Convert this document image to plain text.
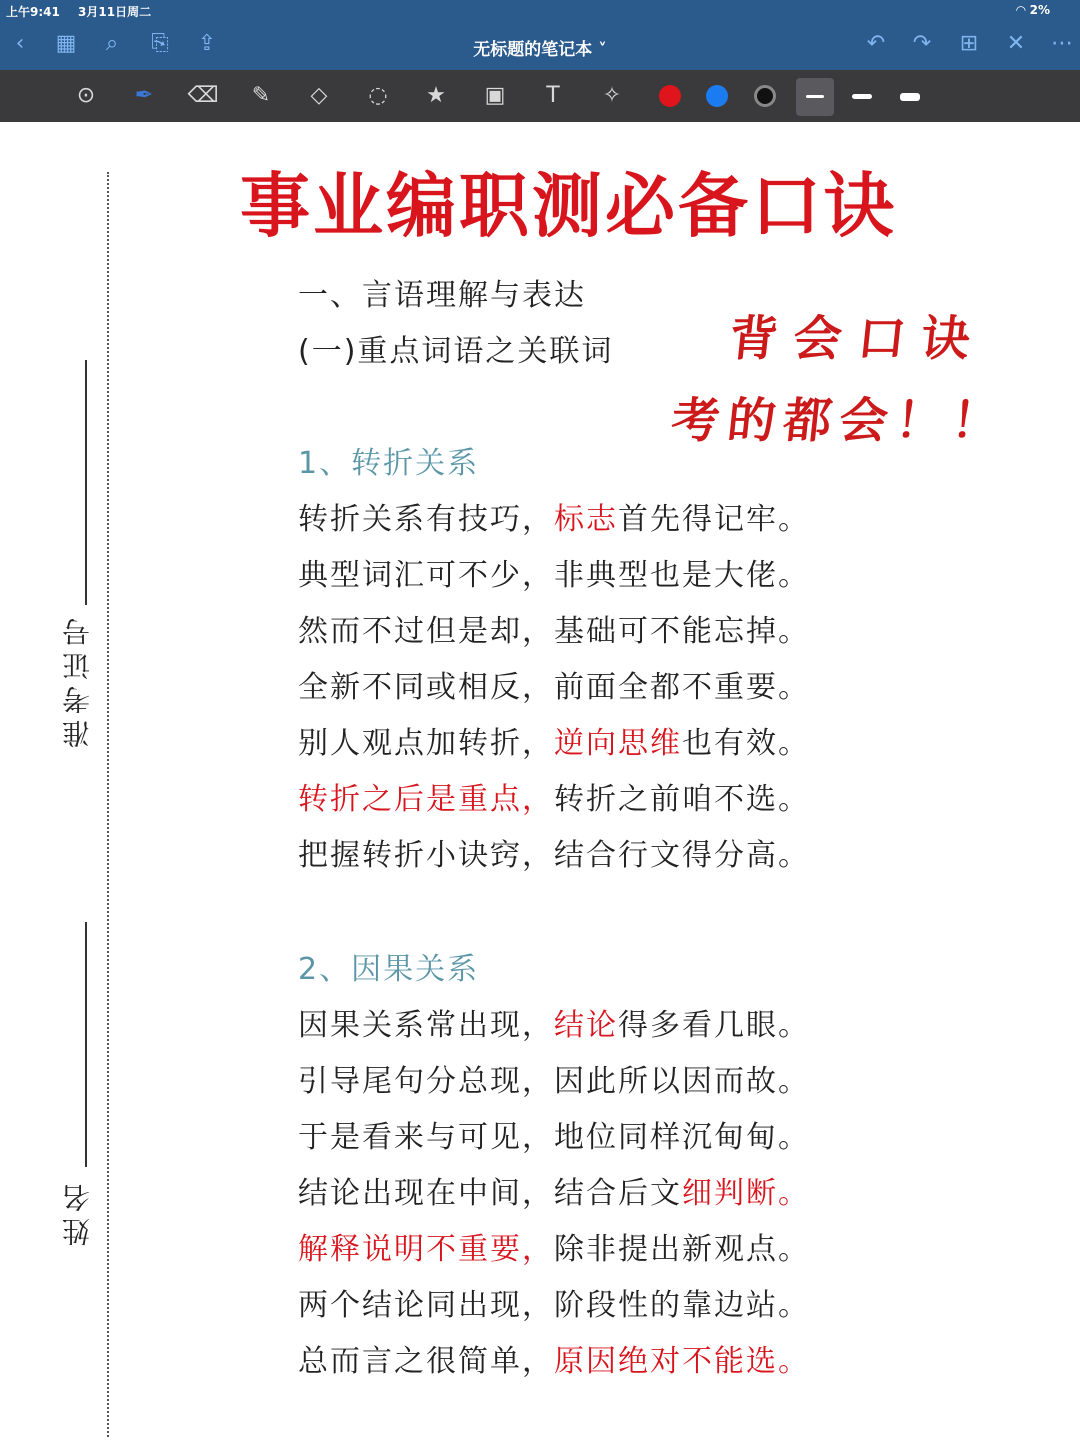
上午9:41 3月11日周二	◠ 2%
‹	▦	⌕	⎘ ⇪	无标题的笔记本 ˅	↶ ↷ ⊞ ✕ ⋯
⊙	✒	⌫	✎	◇	◌ ★ ▣	T	✧
准考证号
姓名
事业编职测必备口诀
背会口诀
考的都会！！
一、言语理解与表达
(一)重点词语之关联词
1、转折关系
转折关系有技巧，标志首先得记牢。
典型词汇可不少，非典型也是大佬。
然而不过但是却，基础可不能忘掉。
全新不同或相反，前面全都不重要。
别人观点加转折，逆向思维也有效。
转折之后是重点，转折之前咱不选。
把握转折小诀窍，结合行文得分高。
2、因果关系
因果关系常出现，结论得多看几眼。
引导尾句分总现，因此所以因而故。
于是看来与可见，地位同样沉甸甸。
结论出现在中间，结合后文细判断。
解释说明不重要，除非提出新观点。
两个结论同出现，阶段性的靠边站。
总而言之很简单，原因绝对不能选。
